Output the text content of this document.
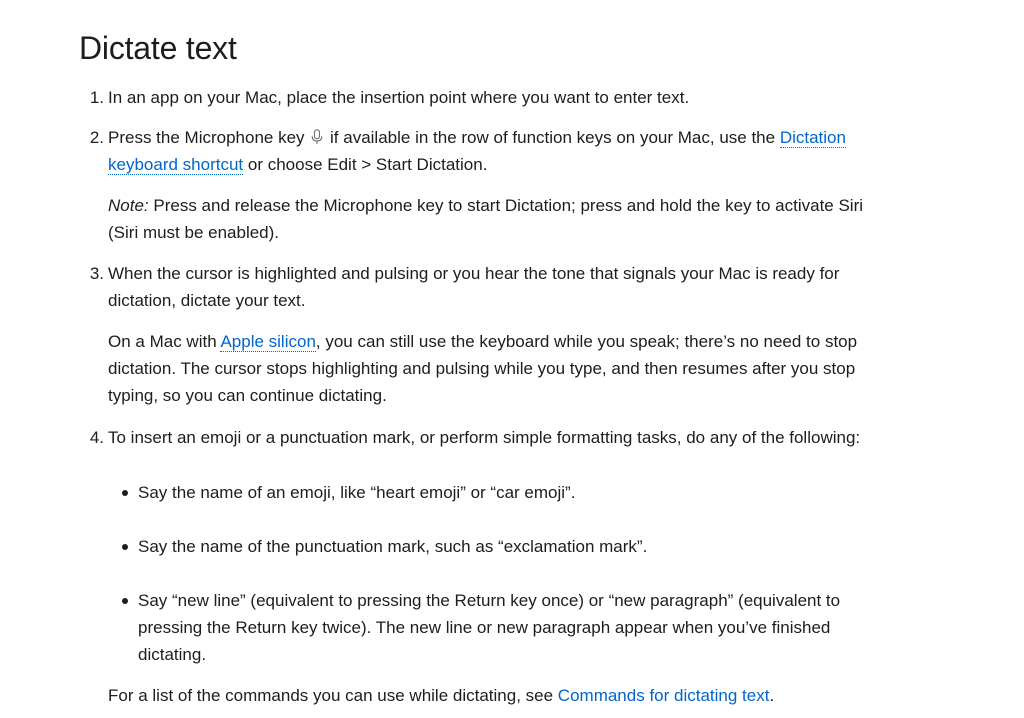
Dictate text
1. In an app on your Mac, place the insertion point where you want to enter text.
2. Press the Microphone key if available in the row of function keys on your Mac, use the Dictation
keyboard shortcut or choose Edit > Start Dictation.
Note: Press and release the Microphone key to start Dictation; press and hold the key to activate Siri
(Siri must be enabled).
3. When the cursor is highlighted and pulsing or you hear the tone that signals your Mac is ready for
dictation, dictate your text.
On a Mac with Apple silicon, you can still use the keyboard while you speak; there’s no need to stop
dictation. The cursor stops highlighting and pulsing while you type, and then resumes after you stop
typing, so you can continue dictating.
4. To insert an emoji or a punctuation mark, or perform simple formatting tasks, do any of the following:
Say the name of an emoji, like “heart emoji” or “car emoji”.
Say the name of the punctuation mark, such as “exclamation mark”.
Say “new line” (equivalent to pressing the Return key once) or “new paragraph” (equivalent to
pressing the Return key twice). The new line or new paragraph appear when you’ve finished
dictating.
For a list of the commands you can use while dictating, see Commands for dictating text.
